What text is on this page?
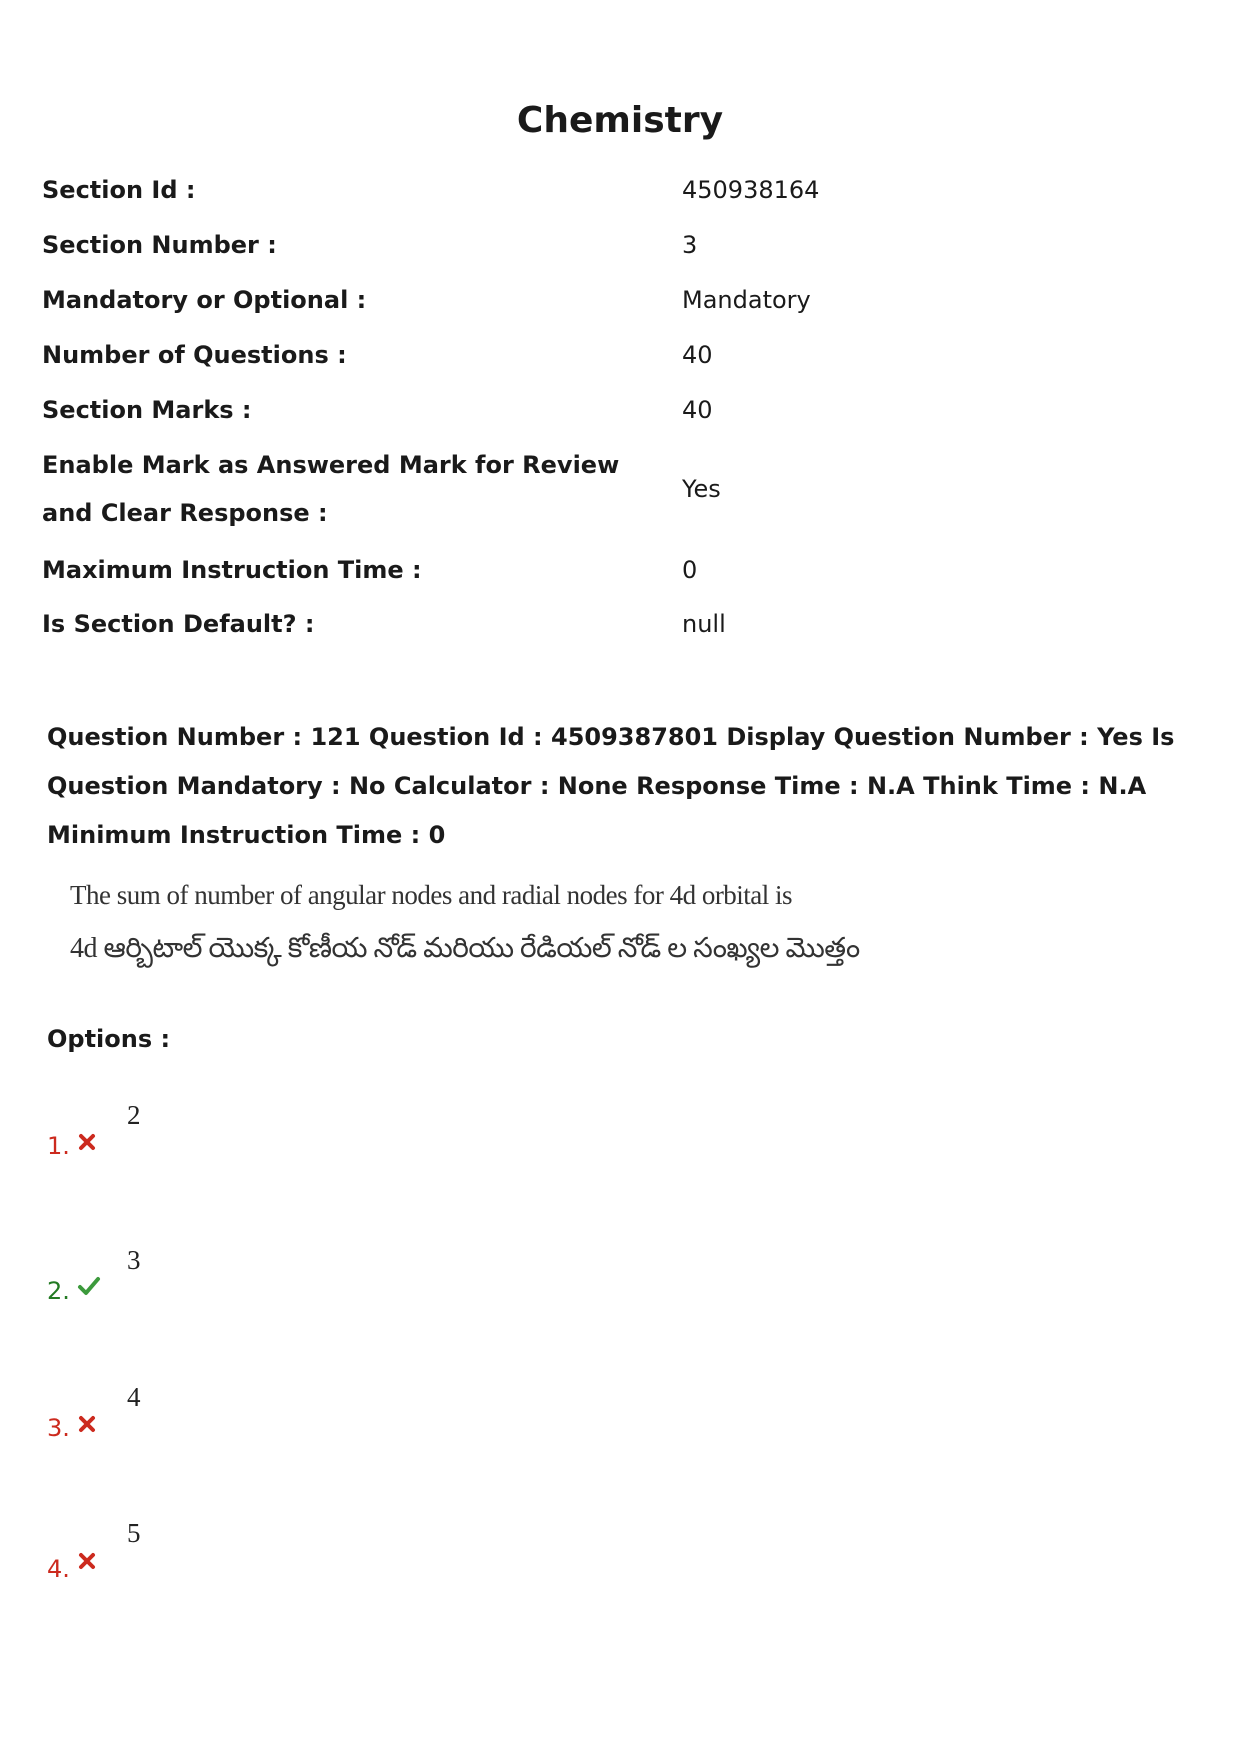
Chemistry
Section Id :	450938164
Section Number :	3
Mandatory or Optional :	Mandatory
Number of Questions :	40
Section Marks :	40
Enable Mark as Answered Mark for Review and Clear Response :
Yes
Maximum Instruction Time :	0
Is Section Default? :	null
Question Number : 121 Question Id : 4509387801 Display Question Number : Yes Is Question Mandatory : No Calculator : None Response Time : N.A Think Time : N.A Minimum Instruction Time : 0
The sum of number of angular nodes and radial nodes for 4d orbital is
4d ఆర్బిటాల్ యొక్క కోణీయ నోడ్ మరియు రేడియల్ నోడ్ ల సంఖ్యల మొత్తం
Options :
1.
2
2.
3
3.
4
4.
5
